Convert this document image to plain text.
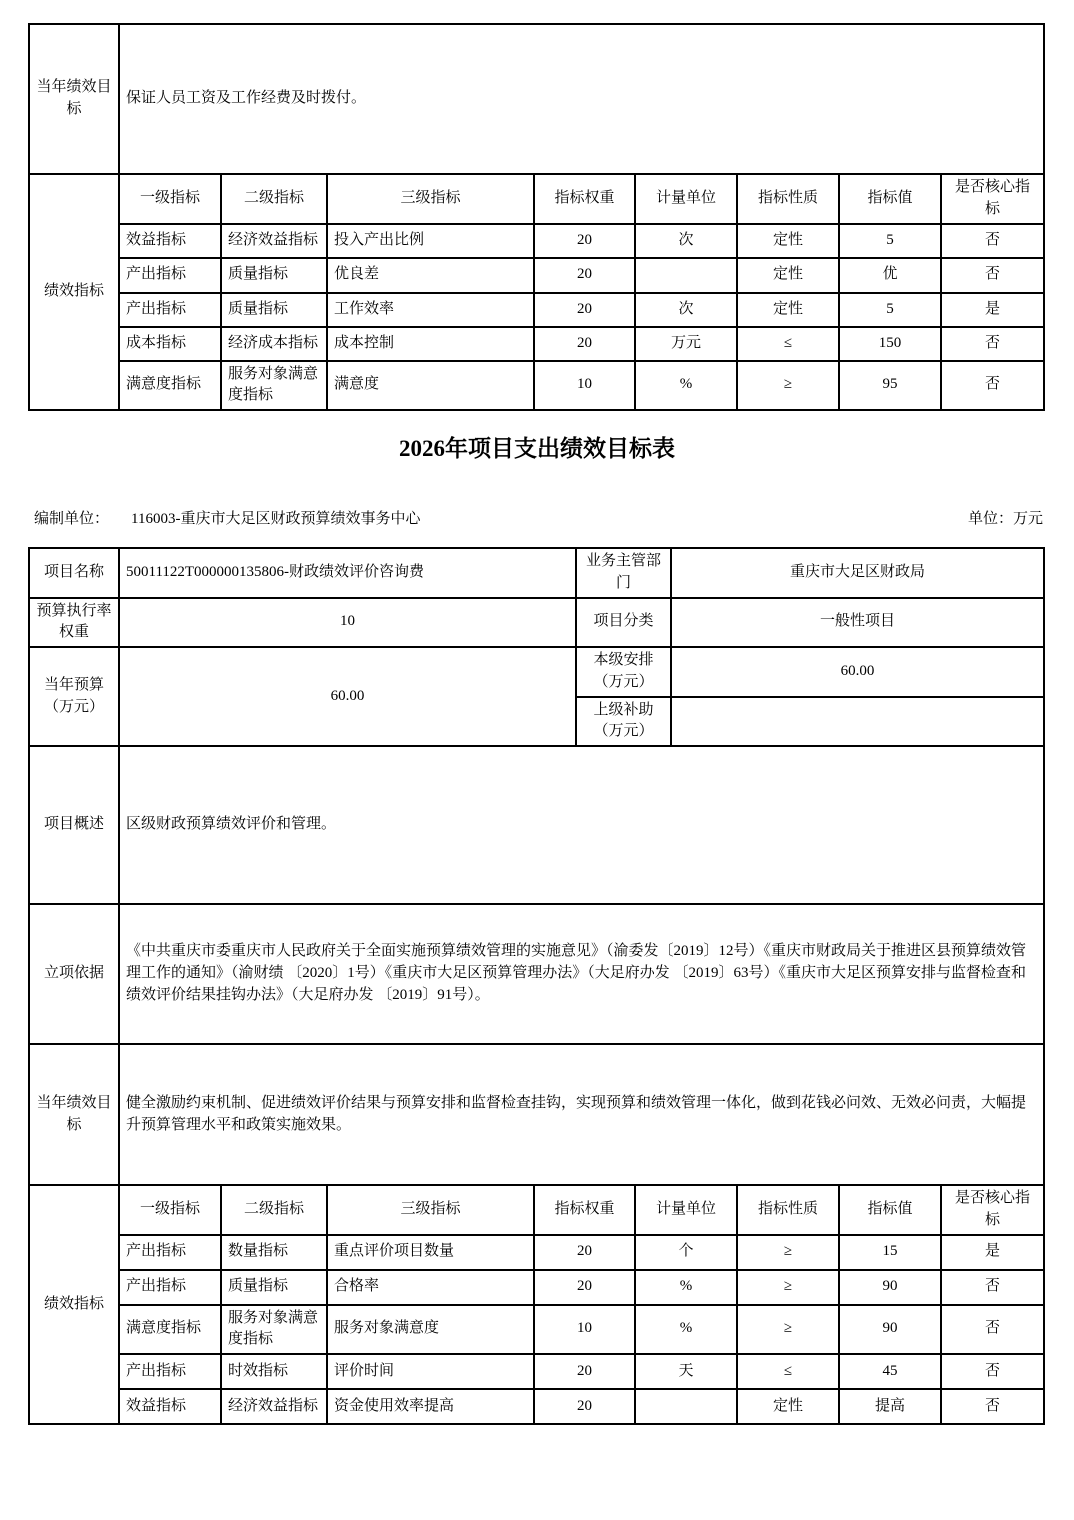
当年绩效目标	保证人员工资及工作经费及时拨付。							
绩效指标	一级指标	二级指标	三级指标	指标权重	计量单位	指标性质	指标值	是否核心指标
	效益指标	经济效益指标	投入产出比例	20	次	定性	5	否
	产出指标	质量指标	优良差	20		定性	优	否
	产出指标	质量指标	工作效率	20	次	定性	5	是
	成本指标	经济成本指标	成本控制	20	万元	≤	150	否
	满意度指标	服务对象满意度指标	满意度	10	%	≥	95	否
2026年项目支出绩效目标表
编制单位： 116003-重庆市大足区财政预算绩效事务中心	单位：万元
项目名称	50011122T000000135806-财政绩效评价咨询费	业务主管部门	重庆市大足区财政局
预算执行率权重	10	项目分类	一般性项目
当年预算（万元）	60.00	本级安排（万元）	60.00
		上级补助（万元）	
项目概述	区级财政预算绩效评价和管理。
立项依据	《中共重庆市委重庆市人民政府关于全面实施预算绩效管理的实施意见》（渝委发〔2019〕12号）《重庆市财政局关于推进区县预算绩效管理工作的通知》（渝财绩 〔2020〕1号）《重庆市大足区预算管理办法》（大足府办发 〔2019〕63号）《重庆市大足区预算安排与监督检查和绩效评价结果挂钩办法》（大足府办发 〔2019〕91号）。
当年绩效目标	健全激励约束机制、促进绩效评价结果与预算安排和监督检查挂钩，实现预算和绩效管理一体化，做到花钱必问效、无效必问责，大幅提升预算管理水平和政策实施效果。
绩效指标	一级指标	二级指标	三级指标	指标权重	计量单位	指标性质	指标值	是否核心指标
	产出指标	数量指标	重点评价项目数量	20	个	≥	15	是
	产出指标	质量指标	合格率	20	%	≥	90	否
	满意度指标	服务对象满意度指标	服务对象满意度	10	%	≥	90	否
	产出指标	时效指标	评价时间	20	天	≤	45	否
	效益指标	经济效益指标	资金使用效率提高	20		定性	提高	否
